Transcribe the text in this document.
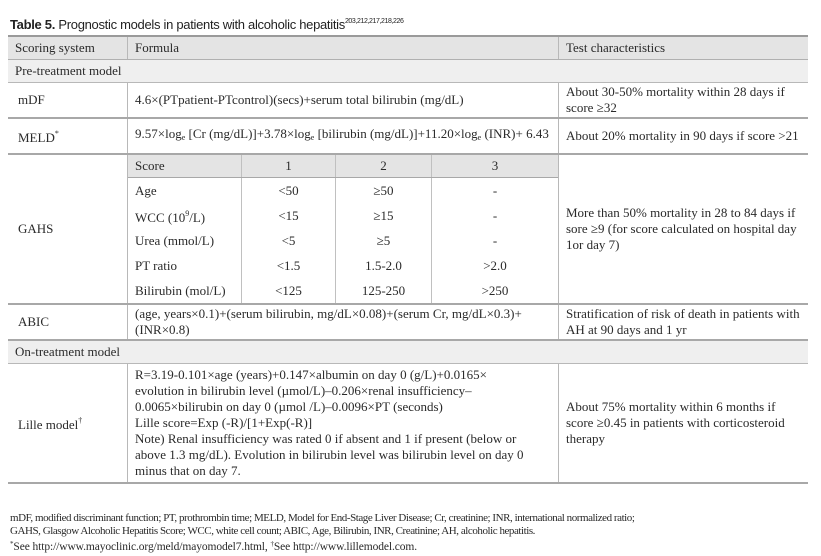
Table 5. Prognostic models in patients with alcoholic hepatitis$^{203,212,217,218,226}$
Scoring system	Formula	Test characteristics
Pre-treatment model
mDF	4.6×(PTpatient-PTcontrol)(secs)+serum total bilirubin (mg/dL)	About 30-50% mortality within 28 days if score ≥32
MELD*	$9.57\times\log_e$ [Cr $(mg/dL)]+3.78\times\log_e$ [bilirubin $(mg/dL)]+11.20\times\log_e$ (INR)+ 6.43	About 20% mortality in 90 days if score >21
GAHS	
Score	1	2	3
Age	<50	≥50	-
WCC $(10^9/L)$	<15	≥15	-
Urea (mmol/L)	<5	≥5	-
PT ratio	<1.5	1.5-2.0	>2.0
Bilirubin (mol/L)	<125	125-250	>250
	More than 50% mortality in 28 to 84 days if sore ≥9 (for score calculated on hospital day 1or day 7)
ABIC	(age, years×0.1)+(serum bilirubin, mg/dL×0.08)+(serum Cr, mg/dL×0.3)+ (INR×0.8)	Stratification of risk of death in patients with AH at 90 days and 1 yr
On-treatment model
Lille model†	
R=3.19-0.101×age (years)+0.147×albumin on day 0 (g/L)+0.0165×
evolution in bilirubin level (µmol/L)–0.206×renal insufficiency–
0.0065×bilirubin on day 0 (µmol /L)–0.0096×PT (seconds)
Lille score=Exp (-R)/[1+Exp(-R)]
Note) Renal insufficiency was rated 0 if absent and 1 if present (below or
above 1.3 mg/dL). Evolution in bilirubin level was bilirubin level on day 0
minus that on day 7.
	About 75% mortality within 6 months if score ≥0.45 in patients with corticosteroid therapy
mDF, modified discriminant function; PT, prothrombin time; MELD, Model for End-Stage Liver Disease; Cr, creatinine; INR, international normalized ratio;
GAHS, Glasgow Alcoholic Hepatitis Score; WCC, white cell count; ABIC, Age, Bilirubin, INR, Creatinine; AH, alcoholic hepatitis.
*See http://www.mayoclinic.org/meld/mayomodel7.html, †See http://www.lillemodel.com.
